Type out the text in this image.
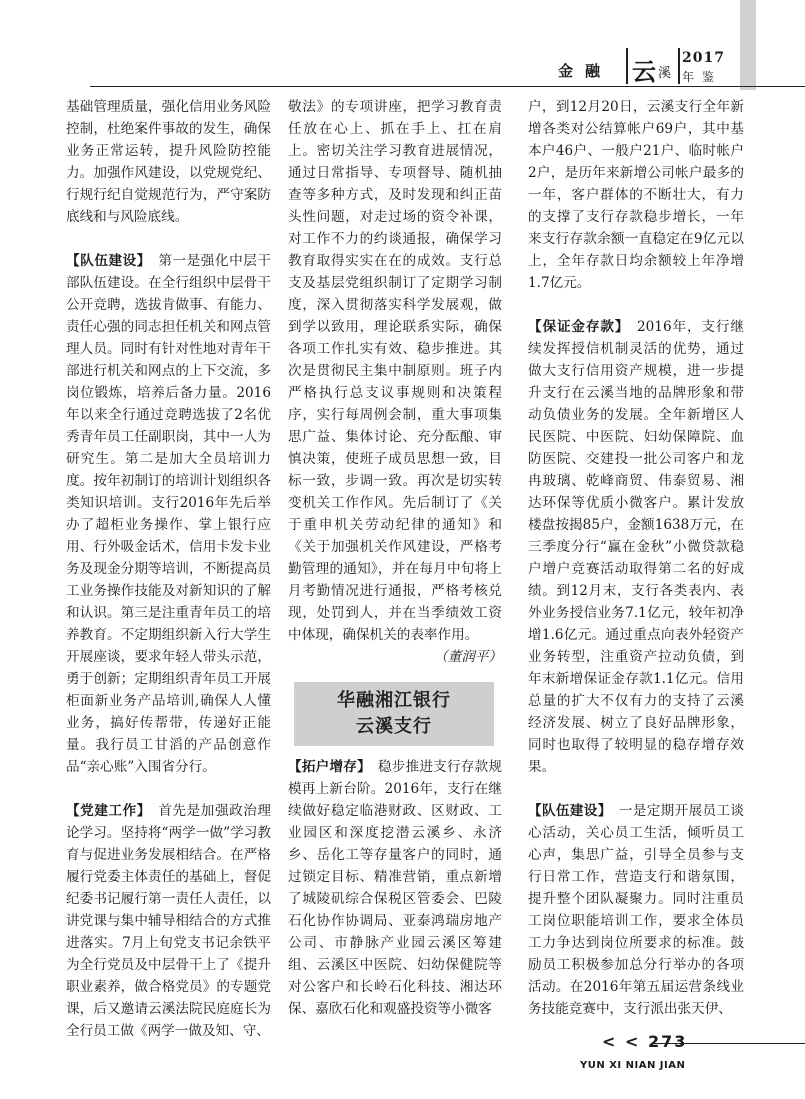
金融 云 溪
2017
年鉴

基础管理质量，强化信用业务风险控制，杜绝案件事故的发生，确保业务正常运转，提升风险防控能力。加强作风建设，以党规党纪、行规行纪自觉规范行为，严守案防底线和与风险底线。

【队伍建设】　第一是强化中层干部队伍建设。在全行组织中层骨干公开竞聘，选拔肯做事、有能力、责任心强的同志担任机关和网点管理人员。同时有针对性地对青年干部进行机关和网点的上下交流，多岗位锻炼，培养后备力量。2016年以来全行通过竞聘选拔了2名优秀青年员工任副职岗，其中一人为研究生。第二是加大全员培训力度。按年初制订的培训计划组织各类知识培训。支行2016年先后举办了超柜业务操作、掌上银行应用、行外吸金话术，信用卡发卡业务及现金分期等培训，不断提高员工业务操作技能及对新知识的了解和认识。第三是注重青年员工的培养教育。不定期组织新入行大学生开展座谈，要求年轻人带头示范，勇于创新；定期组织青年员工开展柜面新业务产品培训,确保人人懂业务，搞好传帮带，传递好正能量。我行员工甘滔的产品创意作品“亲心账”入围省分行。

【党建工作】　首先是加强政治理论学习。坚持将“两学一做”学习教育与促进业务发展相结合。在严格履行党委主体责任的基础上，督促纪委书记履行第一责任人责任，以讲党课与集中辅导相结合的方式推进落实。7月上旬党支书记余铁平为全行党员及中层骨干上了《提升职业素养，做合格党员》的专题党课，后又邀请云溪法院民庭庭长为全行员工做《两学一做及知、守、

敬法》的专项讲座，把学习教育责任放在心上、抓在手上、扛在肩上。密切关注学习教育进展情况，通过日常指导、专项督导、随机抽查等多种方式，及时发现和纠正苗头性问题，对走过场的资令补课，对工作不力的约谈通报，确保学习教育取得实实在在的成效。支行总支及基层党组织制订了定期学习制度，深入贯彻落实科学发展观，做到学以致用，理论联系实际，确保各项工作扎实有效、稳步推进。其次是贯彻民主集中制原则。班子内严格执行总支议事规则和决策程序，实行每周例会制，重大事项集思广益、集体讨论、充分酝酿、审慎决策，使班子成员思想一致，目标一致，步调一致。再次是切实转变机关工作作风。先后制订了《关于重申机关劳动纪律的通知》和《关于加强机关作风建设，严格考勤管理的通知》，并在每月中旬将上月考勤情况进行通报，严格考核兑现，处罚到人，并在当季绩效工资中体现，确保机关的表率作用。

（董润平）

华融湘江银行
云溪支行

【拓户增存】　稳步推进支行存款规模再上新台阶。2016年，支行在继续做好稳定临港财政、区财政、工业园区和深度挖潜云溪乡、永济乡、岳化工等存量客户的同时，通过锁定目标、精准营销，重点新增了城陵矶综合保税区管委会、巴陵石化协作协调局、亚泰鸿瑞房地产公司、市静脉产业园云溪区筹建组、云溪区中医院、妇幼保健院等对公客户和长岭石化科技、湘达环保、嘉欣石化和观盛投资等小微客

户，到12月20日，云溪支行全年新增各类对公结算帐户69户，其中基本户46户、一般户21户、临时帐户2户，是历年来新增公司帐户最多的一年，客户群体的不断壮大，有力的支撑了支行存款稳步增长，一年来支行存款余额一直稳定在9亿元以上，全年存款日均余额较上年净增1.7亿元。

【保证金存款】　2016年，支行继续发挥授信机制灵活的优势，通过做大支行信用资产规模，进一步提升支行在云溪当地的品牌形象和带动负债业务的发展。全年新增区人民医院、中医院、妇幼保障院、血防医院、交建投一批公司客户和龙冉玻璃、乾峰商贸、伟泰贸易、湘达环保等优质小微客户。累计发放楼盘按揭85户，金额1638万元，在三季度分行“赢在金秋”小微贷款稳户增户竞赛活动取得第二名的好成绩。到12月末，支行各类表内、表外业务授信业务7.1亿元，较年初净增1.6亿元。通过重点向表外轻资产业务转型，注重资产拉动负债，到年末新增保证金存款1.1亿元。信用总量的扩大不仅有力的支持了云溪经济发展、树立了良好品牌形象，同时也取得了较明显的稳存增存效果。

【队伍建设】　一是定期开展员工谈心活动，关心员工生活，倾听员工心声，集思广益，引导全员参与支行日常工作，营造支行和谐氛围，提升整个团队凝聚力。同时注重员工岗位职能培训工作，要求全体员工力争达到岗位所要求的标准。鼓励员工积极参加总分行举办的各项活动。在2016年第五届运营条线业务技能竞赛中，支行派出张天伊、

< < 273
YUN XI NIAN JIAN
